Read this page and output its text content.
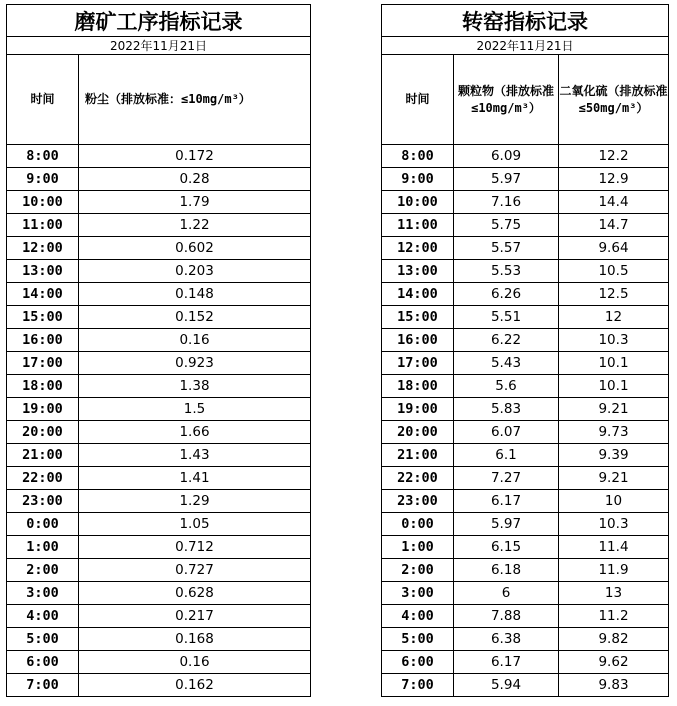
磨矿工序指标记录	
2022年11月21日	
时间	粉尘（排放标准：≤10mg/m³）
8:00	0.172
9:00	0.28
10:00	1.79
11:00	1.22
12:00	0.602
13:00	0.203
14:00	0.148
15:00	0.152
16:00	0.16
17:00	0.923
18:00	1.38
19:00	1.5
20:00	1.66
21:00	1.43
22:00	1.41
23:00	1.29
0:00	1.05
1:00	0.712
2:00	0.727
3:00	0.628
4:00	0.217
5:00	0.168
6:00	0.16
7:00	0.162
转窑指标记录		
2022年11月21日		
时间	颗粒物（排放标准≤10mg/m³）	二氧化硫（排放标准≤50mg/m³）
8:00	6.09	12.2
9:00	5.97	12.9
10:00	7.16	14.4
11:00	5.75	14.7
12:00	5.57	9.64
13:00	5.53	10.5
14:00	6.26	12.5
15:00	5.51	12
16:00	6.22	10.3
17:00	5.43	10.1
18:00	5.6	10.1
19:00	5.83	9.21
20:00	6.07	9.73
21:00	6.1	9.39
22:00	7.27	9.21
23:00	6.17	10
0:00	5.97	10.3
1:00	6.15	11.4
2:00	6.18	11.9
3:00	6	13
4:00	7.88	11.2
5:00	6.38	9.82
6:00	6.17	9.62
7:00	5.94	9.83
